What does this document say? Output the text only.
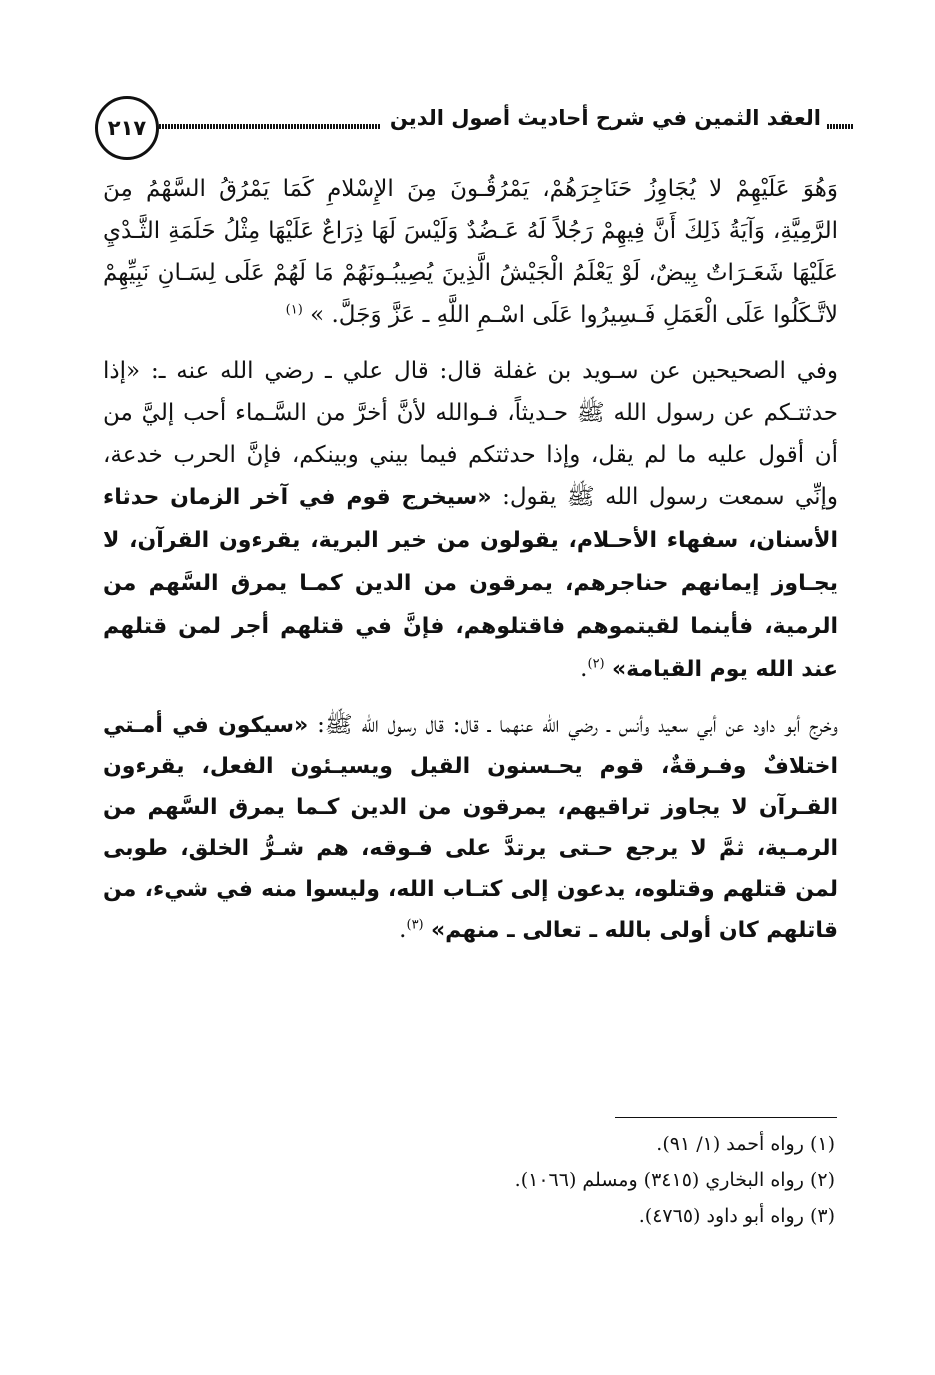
٢١٧	العقد الثمين في شرح أحاديث أصول الدين

وَهُوَ عَلَيْهِمْ لا يُجَاوِزُ حَنَاجِرَهُمْ، يَمْرُقُـونَ مِنَ الإِسْلامِ كَمَا يَمْرُقُ السَّهْمُ مِنَ الرَّمِيَّةِ، وَآيَةُ ذَلِكَ أَنَّ فِيهِمْ رَجُلاً لَهُ عَـضُدٌ وَلَيْسَ لَهَا ذِرَاعٌ عَلَيْهَا مِثْلُ حَلَمَةِ الثَّـدْيِ عَلَيْهَا شَعَـرَاتٌ بِيضٌ، لَوْ يَعْلَمُ الْجَيْشُ الَّذِينَ يُصِيبُـونَهُمْ مَا لَهُمْ عَلَى لِسَـانِ نَبِيِّهِمْ لاتَّـكَلُوا عَلَى الْعَمَلِ فَـسِيرُوا عَلَى اسْـمِ اللَّهِ ـ عَزَّ وَجَلَّ. » $^{(١)}$

وفي الصحيحين عن سـويد بن غفلة قال: قال علي ـ رضي الله عنه ـ: «إذا حدثتـكم عن رسول الله ﷺ حـديثاً، فـوالله لأنَّ أخرَّ من السَّـماء أحب إليَّ من أن أقول عليه ما لم يقل، وإذا حدثتكم فيما بيني وبينكم، فإنَّ الحرب خدعة، وإنِّي سمعت رسول الله ﷺ يقول: «سيخرج قوم في آخر الزمان حدثاء الأسنان، سفهاء الأحـلام، يقولون من خير البرية، يقرءون القرآن، لا يجـاوز إيمانهم حناجرهم، يمرقون من الدين كمـا يمرق السَّهم من الرمية، فأينما لقيتموهم فاقتلوهم، فإنَّ في قتلهم أجر لمن قتلهم عند الله يوم القيامة» $^{(٢)}$.

وخرج أبو داود عن أبي سعيد وأنس ـ رضي الله عنهما ـ قال: قال رسول الله ﷺ: «سيكون في أمـتي اختلافٌ وفـرقةٌ، قوم يحـسنون القيل ويسيـئون الفعل، يقرءون القـرآن لا يجاوز تراقيهم، يمرقون من الدين كـما يمرق السَّهم من الرمـية، ثمَّ لا يرجع حـتى يرتدَّ على فـوقه، هم شـرُّ الخلق، طوبى لمن قتلهم وقتلوه، يدعون إلى كتـاب الله، وليسوا منه في شيء، من قاتلهم كان أولى بالله ـ تعالى ـ منهم» $^{(٣)}$.

(١) رواه أحمد (١/ ٩١).

(٢) رواه البخاري (٣٤١٥) ومسلم (١٠٦٦).

(٣) رواه أبو داود (٤٧٦٥).
